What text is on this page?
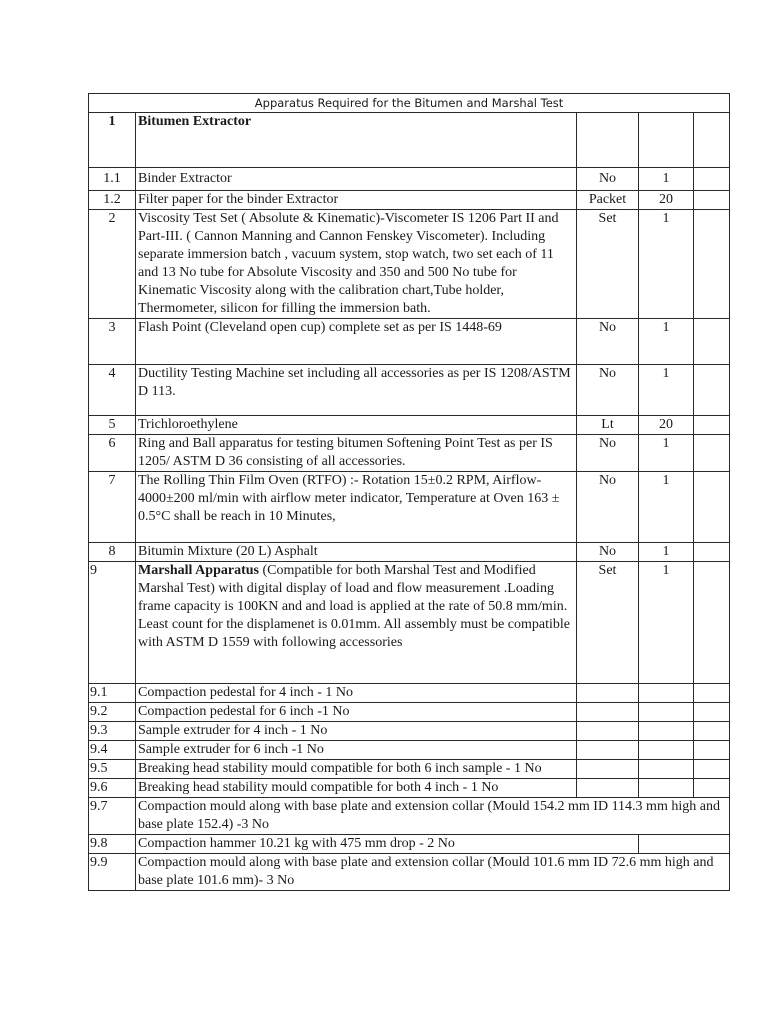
Apparatus Required for the Bitumen and Marshal Test				
1	Bitumen Extractor			
1.1	Binder Extractor	No	1	
1.2	Filter paper for the binder Extractor	Packet	20	
2	Viscosity Test Set ( Absolute & Kinematic)-Viscometer IS 1206 Part II and Part-III. ( Cannon Manning and Cannon Fenskey Viscometer). Including separate immersion batch , vacuum system, stop watch, two set each of 11 and 13 No tube for Absolute Viscosity and 350 and 500 No tube for Kinematic Viscosity along with the calibration chart,Tube holder, Thermometer, silicon for filling the immersion bath.	Set	1	
3	Flash Point (Cleveland open cup) complete set as per IS 1448-69	No	1	
4	Ductility Testing Machine set including all accessories as per IS 1208/ASTM D 113.	No	1	
5	Trichloroethylene	Lt	20	
6	Ring and Ball apparatus for testing bitumen Softening Point Test as per IS 1205/ ASTM D 36 consisting of all accessories.	No	1	
7	The Rolling Thin Film Oven (RTFO) :- Rotation 15±0.2 RPM, Airflow-4000±200 ml/min with airflow meter indicator, Temperature at Oven 163 ± 0.5°C shall be reach in 10 Minutes,	No	1	
8	Bitumin Mixture (20 L) Asphalt	No	1	
9	Marshall Apparatus (Compatible for both Marshal Test and Modified Marshal Test) with digital display of load and flow measurement .Loading frame capacity is 100KN and and load is applied at the rate of 50.8 mm/min. Least count for the displamenet is 0.01mm. All assembly must be compatible with ASTM D 1559 with following accessories	Set	1	
9.1	Compaction pedestal for 4 inch - 1 No			
9.2	Compaction pedestal for 6 inch -1 No			
9.3	Sample extruder for 4 inch - 1 No			
9.4	Sample extruder for 6 inch -1 No			
9.5	Breaking head stability mould compatible for both 6 inch sample - 1 No			
9.6	Breaking head stability mould compatible for both 4 inch - 1 No			
9.7	Compaction mould along with base plate and extension collar (Mould 154.2 mm ID 114.3 mm high and base plate 152.4) -3 No			
9.8	Compaction hammer 10.21 kg with 475 mm drop - 2 No			
9.9	Compaction mould along with base plate and extension collar (Mould 101.6 mm ID 72.6 mm high and base plate 101.6 mm)- 3 No			
